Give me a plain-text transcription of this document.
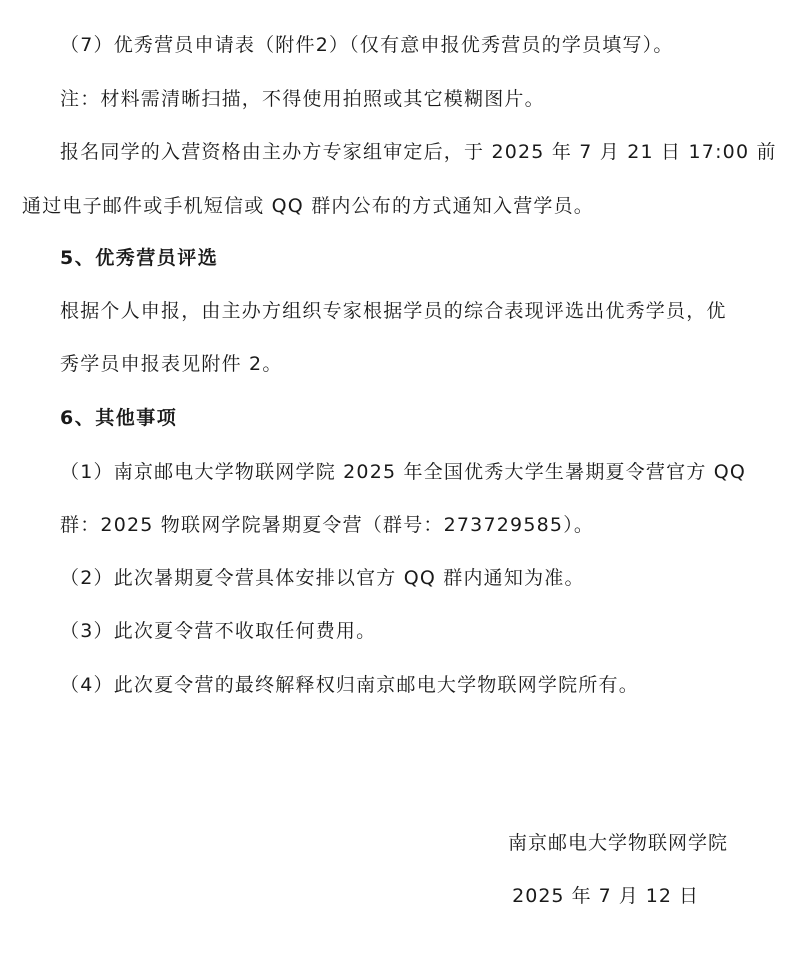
（7）优秀营员申请表（附件2）（仅有意申报优秀营员的学员填写）。
注：材料需清晰扫描，不得使用拍照或其它模糊图片。
报名同学的入营资格由主办方专家组审定后，于 2025 年 7 月 21 日 17:00 前
通过电子邮件或手机短信或 QQ 群内公布的方式通知入营学员。
5、优秀营员评选
根据个人申报，由主办方组织专家根据学员的综合表现评选出优秀学员，优
秀学员申报表见附件 2。
6、其他事项
（1）南京邮电大学物联网学院 2025 年全国优秀大学生暑期夏令营官方 QQ
群：2025 物联网学院暑期夏令营（群号：273729585）。
（2）此次暑期夏令营具体安排以官方 QQ 群内通知为准。
（3）此次夏令营不收取任何费用。
（4）此次夏令营的最终解释权归南京邮电大学物联网学院所有。
南京邮电大学物联网学院
2025 年 7 月 12 日
